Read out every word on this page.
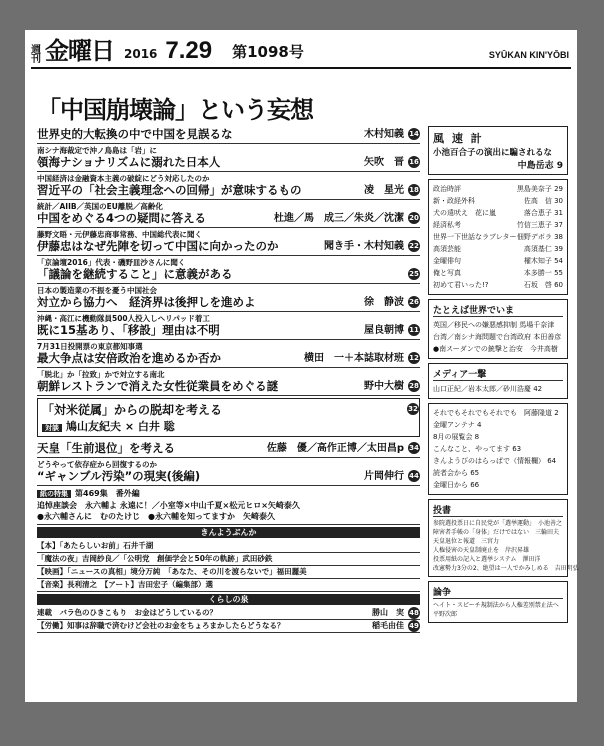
週刊 金曜日 2016 7.29 第1098号	SYŪKAN KIN'YŌBI
「中国崩壊論」という妄想
世界史的大転換の中で中国を見誤るな	木村知義 14
南シナ海裁定で沖ノ鳥島は「岩」に
領海ナショナリズムに溺れた日本人	矢吹　晋 16
中国経済は金融資本主義の破綻にどう対応したのか
習近平の「社会主義理念への回帰」が意味するもの	凌　星光 18
統計／AIIB／英国のEU離脱／高齢化
中国をめぐる4つの疑問に答える	杜進／馬　成三／朱炎／沈潔 20
藤野文晤・元伊藤忠商事常務、中国総代表に聞く
伊藤忠はなぜ先陣を切って中国に向かったのか	聞き手・木村知義 22
「京論壇2016」代表・磯野皿沙さんに聞く
「議論を継続すること」に意義がある	25
日本の製造業の不振を憂う中国社会
対立から協力へ　経済界は後押しを進めよ	徐　静波 26
沖縄・高江に機動隊員500人投入しヘリパッド着工
既に15基あり、「移設」理由は不明	屋良朝博 11
7月31日投開票の東京都知事選
最大争点は安倍政治を進めるか否か	横田　一＋本誌取材班 12
「脱北」か「拉致」かで対立する南北
朝鮮レストランで消えた女性従業員をめぐる謎	野中大樹 28
「対米従属」からの脱却を考える
対談 鳩山友紀夫 × 白井 聡
32
天皇「生前退位」を考える	佐藤　優／高作正博／太田昌p 34
どうやって依存症から回復するのか
“ギャンブル汚染”の現実(後編)	片岡伸行 44
紙の特集 第469集　番外編
追悼座談会　永六輔よ 永遠に！／小室等×中山千夏×松元ヒロ×矢崎泰久
●永六輔さんに　むのたけじ　●永六輔を知ってますか　矢崎泰久
きんようぶんか
【本】「あたらしいお前」石井千湖
「魔法の夜」吉岡紗良／「公明党　創価学会と50年の軌跡」武田砂鉄
【映画】「ニュースの真相」境分万純　「あなた、その川を渡らないで」福田麗美
【音楽】長利清之　【アート】吉田宏子（編集部）選
くらしの泉
連載　バラ色のひきこもり　お金はどうしているの？	勝山　実 48
【労働】知事は辞職で済むけど会社のお金をちょろまかしたらどうなる？	稲毛由佳 49
風 速 計
小池百合子の演出に騙されるな
中島岳志 9
政治時評	黒島美奈子 29
新・政経外科	佐高　信 30
犬の遠吠え　花に嵐	落合恵子 31
経済私考	竹信三恵子 37
世界一下世話なラブレター 佃野デボラ 38
高須芸能	高須基仁 39
金曜俳句	櫂木知子 54
俺と写真	本多勝一 55
初めて君いった!?	石坂　啓 60
たとえば世界でいま
英国／移民への嫌悪感抑制 馬場千奈津
台湾／南シナ海問題で台湾政府 本田善彦
●南スーダンでの銃撃と治安　今井高樹
メディア一撃
山口正紀／岩本太郎／砂川浩慶 42
それでもそれでもそれでも　阿藤隆道 2
金曜アンテナ 4
8月の展覧会 8
こんなこと、やってます 63
きんようびのはらっぱで（情報欄） 64
読者会から 65
金曜日から 66
投書
参院選投票日に自民党が「選挙運動」　小池善之
障害者手帳の「身体」だけではない　三輪田夫
天皇退位と報道　三宮力
人権侵害の天皇制廃止を　岸沢昇雄
投票用紙の記入と選挙システム　澤田洋
改憲勢力3分の2、絶望は一人でかみしめる　吉田明弘
論争
ヘイト・スピーチ規制法から人権差別禁止法へ　平野次郎
